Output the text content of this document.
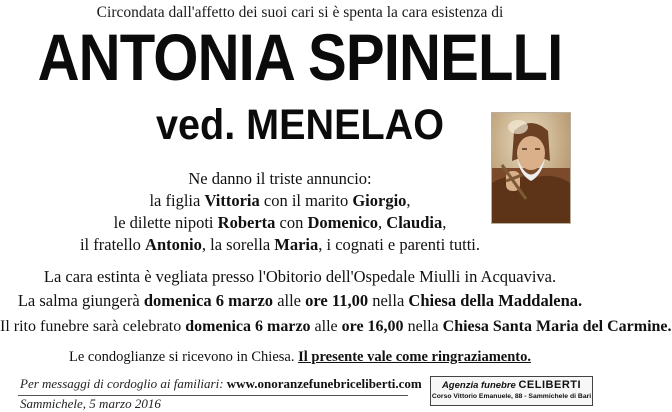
Circondata dall'affetto dei suoi cari si è spenta la cara esistenza di
ANTONIA SPINELLI
ved. MENELAO
Ne danno il triste annuncio:
la figlia Vittoria con il marito Giorgio,
le dilette nipoti Roberta con Domenico, Claudia,
il fratello Antonio, la sorella Maria, i cognati e parenti tutti.
La cara estinta è vegliata presso l'Obitorio dell'Ospedale Miulli in Acquaviva.
La salma giungerà domenica 6 marzo alle ore 11,00 nella Chiesa della Maddalena.
Il rito funebre sarà celebrato domenica 6 marzo alle ore 16,00 nella Chiesa Santa Maria del Carmine.
Le condoglianze si ricevono in Chiesa. Il presente vale come ringraziamento.
Per messaggi di cordoglio ai familiari: www.onoranzefunebriceliberti.com
Sammichele, 5 marzo 2016
Agenzia funebre CELIBERTI
Corso Vittorio Emanuele, 88 - Sammichele di Bari
